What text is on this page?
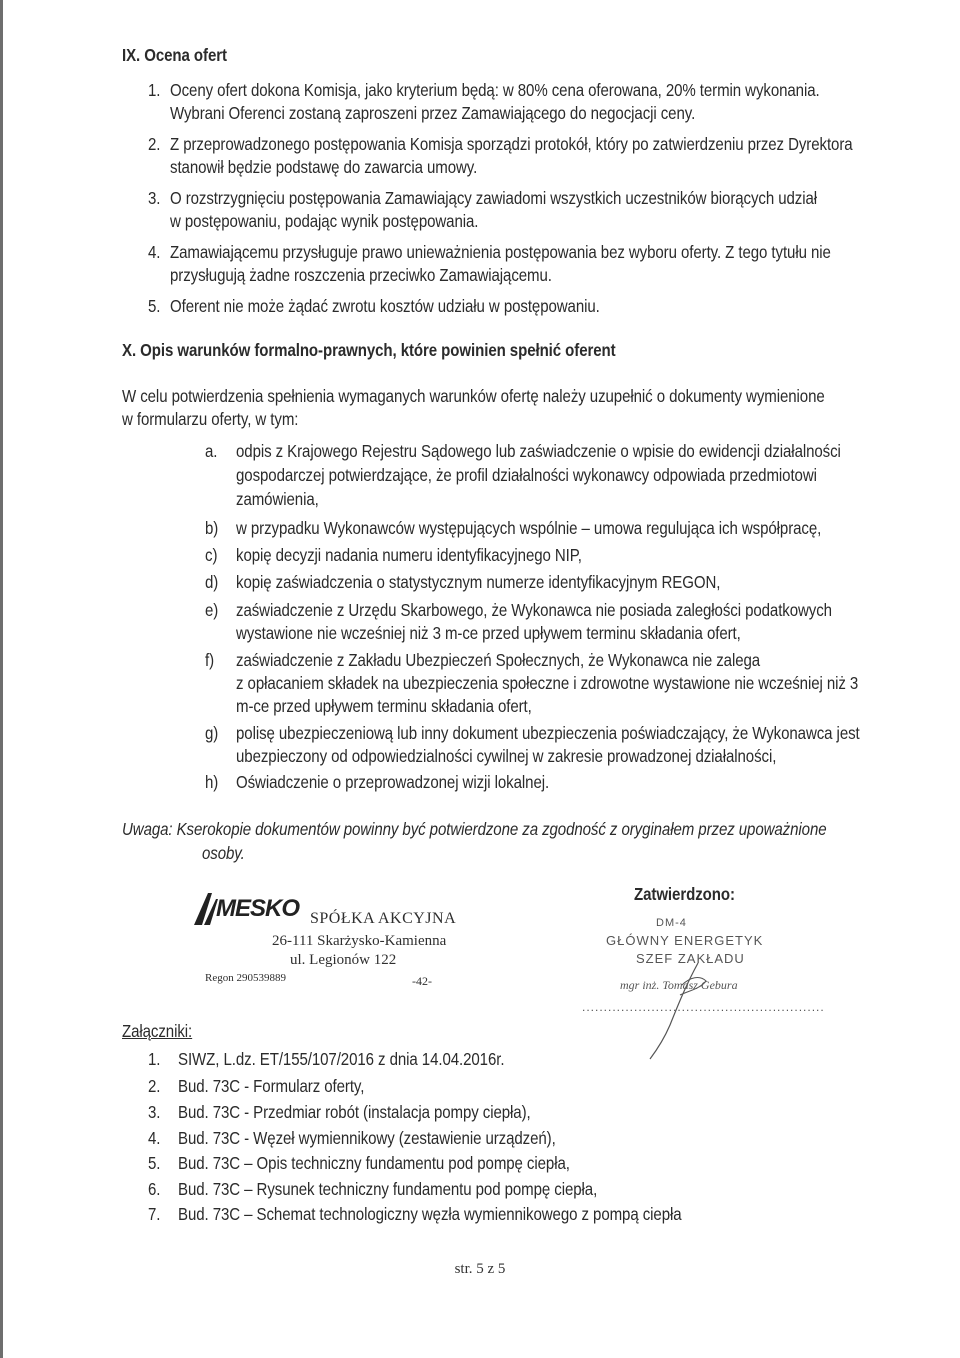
IX. Ocena ofert
1. Oceny ofert dokona Komisja, jako kryterium będą: w 80% cena oferowana, 20% termin wykonania.
Wybrani Oferenci zostaną zaproszeni przez Zamawiającego do negocjacji ceny.
2. Z przeprowadzonego postępowania Komisja sporządzi protokół, który po zatwierdzeniu przez Dyrektora
stanowił będzie podstawę do zawarcia umowy.
3. O rozstrzygnięciu postępowania Zamawiający zawiadomi wszystkich uczestników biorących udział
w postępowaniu, podając wynik postępowania.
4. Zamawiającemu przysługuje prawo unieważnienia postępowania bez wyboru oferty. Z tego tytułu nie
przysługują żadne roszczenia przeciwko Zamawiającemu.
5. Oferent nie może żądać zwrotu kosztów udziału w postępowaniu.
X. Opis warunków formalno-prawnych, które powinien spełnić oferent
W celu potwierdzenia spełnienia wymaganych warunków ofertę należy uzupełnić o dokumenty wymienione
w formularzu oferty, w tym:
a. odpis z Krajowego Rejestru Sądowego lub zaświadczenie o wpisie do ewidencji działalności
gospodarczej potwierdzające, że profil działalności wykonawcy odpowiada przedmiotowi
zamówienia,
b) w przypadku Wykonawców występujących wspólnie – umowa regulująca ich współpracę,
c) kopię decyzji nadania numeru identyfikacyjnego NIP,
d) kopię zaświadczenia o statystycznym numerze identyfikacyjnym REGON,
e) zaświadczenie z Urzędu Skarbowego, że Wykonawca nie posiada zaległości podatkowych
wystawione nie wcześniej niż 3 m-ce przed upływem terminu składania ofert,
f) zaświadczenie z Zakładu Ubezpieczeń Społecznych, że Wykonawca nie zalega
z opłacaniem składek na ubezpieczenia społeczne i zdrowotne wystawione nie wcześniej niż 3
m-ce przed upływem terminu składania ofert,
g) polisę ubezpieczeniową lub inny dokument ubezpieczenia poświadczający, że Wykonawca jest
ubezpieczony od odpowiedzialności cywilnej w zakresie prowadzonej działalności,
h) Oświadczenie o przeprowadzonej wizji lokalnej.
Uwaga: Kserokopie dokumentów powinny być potwierdzone za zgodność z oryginałem przez upoważnione
osoby.
MESKO SPÓŁKA AKCYJNA
26-111 Skarżysko-Kamienna
ul. Legionów 122
Regon 290539889	-42-
Zatwierdzono:
DM-4
GŁÓWNY ENERGETYK
SZEF ZAKŁADU
mgr inż. Tomasz Gebura
........................................................
Załączniki:
1. SIWZ, L.dz. ET/155/107/2016 z dnia 14.04.2016r.
2. Bud. 73C - Formularz oferty,
3. Bud. 73C - Przedmiar robót (instalacja pompy ciepła),
4. Bud. 73C - Węzeł wymiennikowy (zestawienie urządzeń),
5. Bud. 73C – Opis techniczny fundamentu pod pompę ciepła,
6. Bud. 73C – Rysunek techniczny fundamentu pod pompę ciepła,
7. Bud. 73C – Schemat technologiczny węzła wymiennikowego z pompą ciepła
str. 5 z 5
